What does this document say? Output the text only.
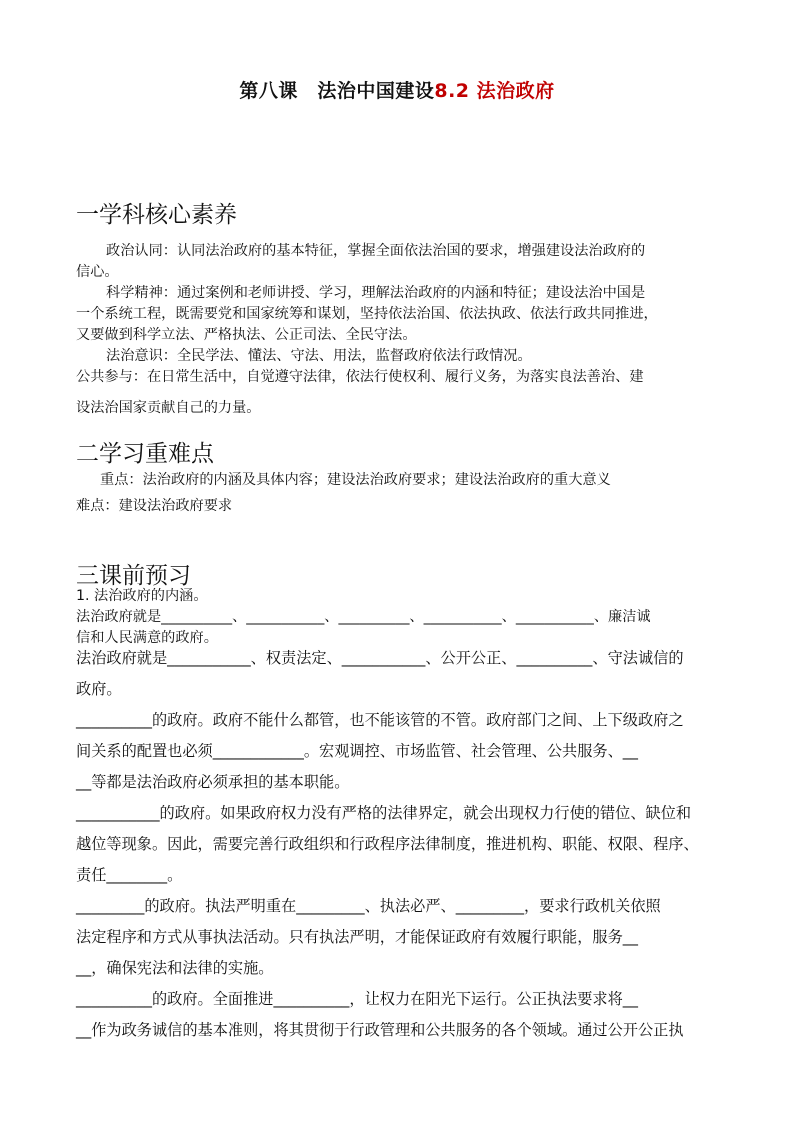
第八课　法治中国建设8.2 法治政府
一学科核心素养
政治认同：认同法治政府的基本特征，掌握全面依法治国的要求，增强建设法治政府的
信心。
科学精神：通过案例和老师讲授、学习，理解法治政府的内涵和特征；建设法治中国是
一个系统工程，既需要党和国家统筹和谋划，坚持依法治国、依法执政、依法行政共同推进，
又要做到科学立法、严格执法、公正司法、全民守法。
法治意识：全民学法、懂法、守法、用法，监督政府依法行政情况。
公共参与：在日常生活中，自觉遵守法律，依法行使权利、履行义务，为落实良法善治、建
设法治国家贡献自己的力量。
二学习重难点
重点：法治政府的内涵及具体内容；建设法治政府要求；建设法治政府的重大意义
难点：建设法治政府要求
三课前预习
1. 法治政府的内涵。
法治政府就是__________、___________、__________、___________、___________、廉洁诚
信和人民满意的政府。
法治政府就是___________、权责法定、___________、公开公正、__________、守法诚信的
政府。
__________的政府。政府不能什么都管，也不能该管的不管。政府部门之间、上下级政府之
间关系的配置也必须____________。宏观调控、市场监管、社会管理、公共服务、__
__等都是法治政府必须承担的基本职能。
___________的政府。如果政府权力没有严格的法律界定，就会出现权力行使的错位、缺位和
越位等现象。因此，需要完善行政组织和行政程序法律制度，推进机构、职能、权限、程序、
责任________。
_________的政府。执法严明重在_________、执法必严、_________，要求行政机关依照
法定程序和方式从事执法活动。只有执法严明，才能保证政府有效履行职能，服务__
__，确保宪法和法律的实施。
__________的政府。全面推进__________，让权力在阳光下运行。公正执法要求将__
__作为政务诚信的基本准则，将其贯彻于行政管理和公共服务的各个领域。通过公开公正执
